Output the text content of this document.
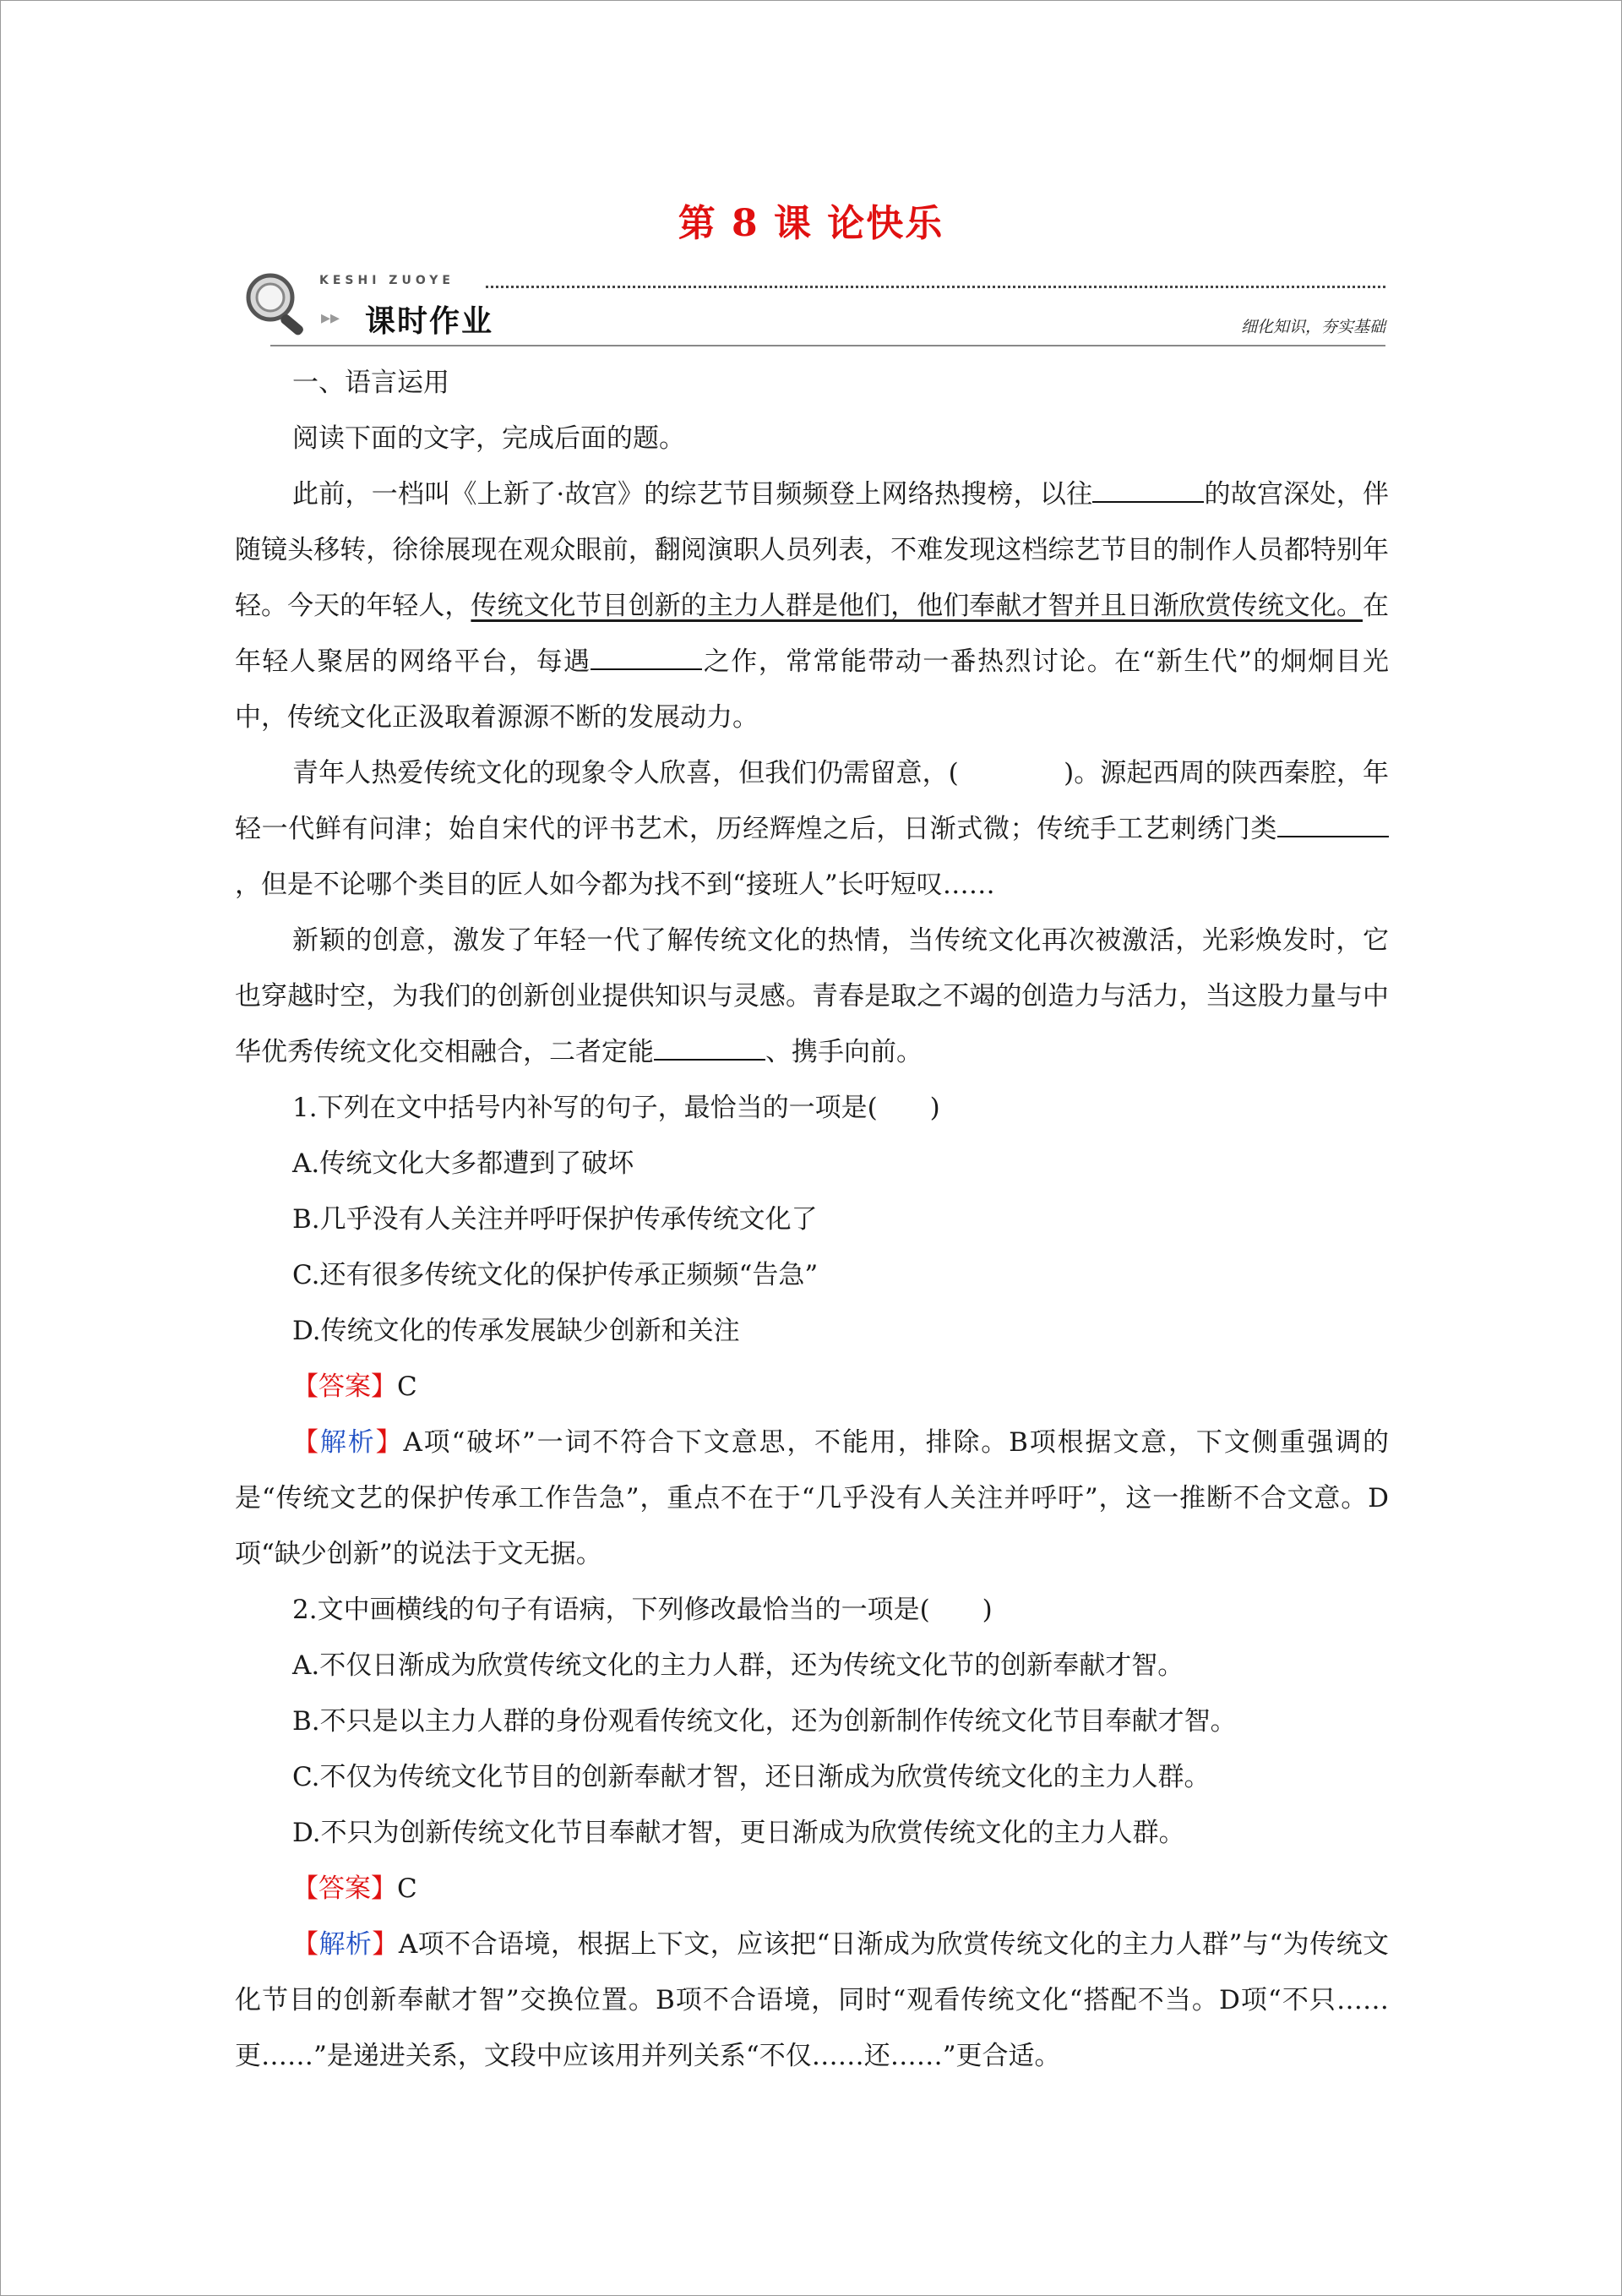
第 8 课 论快乐
KESHI ZUOYE
▸▸ 课时作业	细化知识，夯实基础

一、语言运用

阅读下面的文字，完成后面的题。

此前，一档叫《上新了·故宫》的综艺节目频频登上网络热搜榜，以往	的故宫深处，伴随镜头移转，徐徐展现在观众眼前，翻阅演职人员列表，不难发现这档综艺节目的制作人员都特别年轻。今天的年轻人，传统文化节目创新的主力人群是他们，他们奉献才智并且日渐欣赏传统文化。在年轻人聚居的网络平台，每遇	之作，常常能带动一番热烈讨论。在“新生代”的炯炯目光中，传统文化正汲取着源源不断的发展动力。

青年人热爱传统文化的现象令人欣喜，但我们仍需留意，(　　　　)。源起西周的陕西秦腔，年轻一代鲜有问津；始自宋代的评书艺术，历经辉煌之后，日渐式微；传统手工艺刺绣门类，但是不论哪个类目的匠人如今都为找不到“接班人”长吁短叹……

新颖的创意，激发了年轻一代了解传统文化的热情，当传统文化再次被激活，光彩焕发时，它也穿越时空，为我们的创新创业提供知识与灵感。青春是取之不竭的创造力与活力，当这股力量与中华优秀传统文化交相融合，二者定能	、携手向前。

1.下列在文中括号内补写的句子，最恰当的一项是(　　)

A.传统文化大多都遭到了破坏

B.几乎没有人关注并呼吁保护传承传统文化了

C.还有很多传统文化的保护传承正频频“告急”

D.传统文化的传承发展缺少创新和关注

【答案】C

【解析】A项“破坏”一词不符合下文意思，不能用，排除。B项根据文意，下文侧重强调的是“传统文艺的保护传承工作告急”，重点不在于“几乎没有人关注并呼吁”，这一推断不合文意。D项“缺少创新”的说法于文无据。

2.文中画横线的句子有语病，下列修改最恰当的一项是(　　)

A.不仅日渐成为欣赏传统文化的主力人群，还为传统文化节的创新奉献才智。

B.不只是以主力人群的身份观看传统文化，还为创新制作传统文化节目奉献才智。

C.不仅为传统文化节目的创新奉献才智，还日渐成为欣赏传统文化的主力人群。

D.不只为创新传统文化节目奉献才智，更日渐成为欣赏传统文化的主力人群。

【答案】C

【解析】A项不合语境，根据上下文，应该把“日渐成为欣赏传统文化的主力人群”与“为传统文化节目的创新奉献才智”交换位置。B项不合语境，同时“观看传统文化“搭配不当。D项“不只……更……”是递进关系，文段中应该用并列关系“不仅……还……”更合适。
